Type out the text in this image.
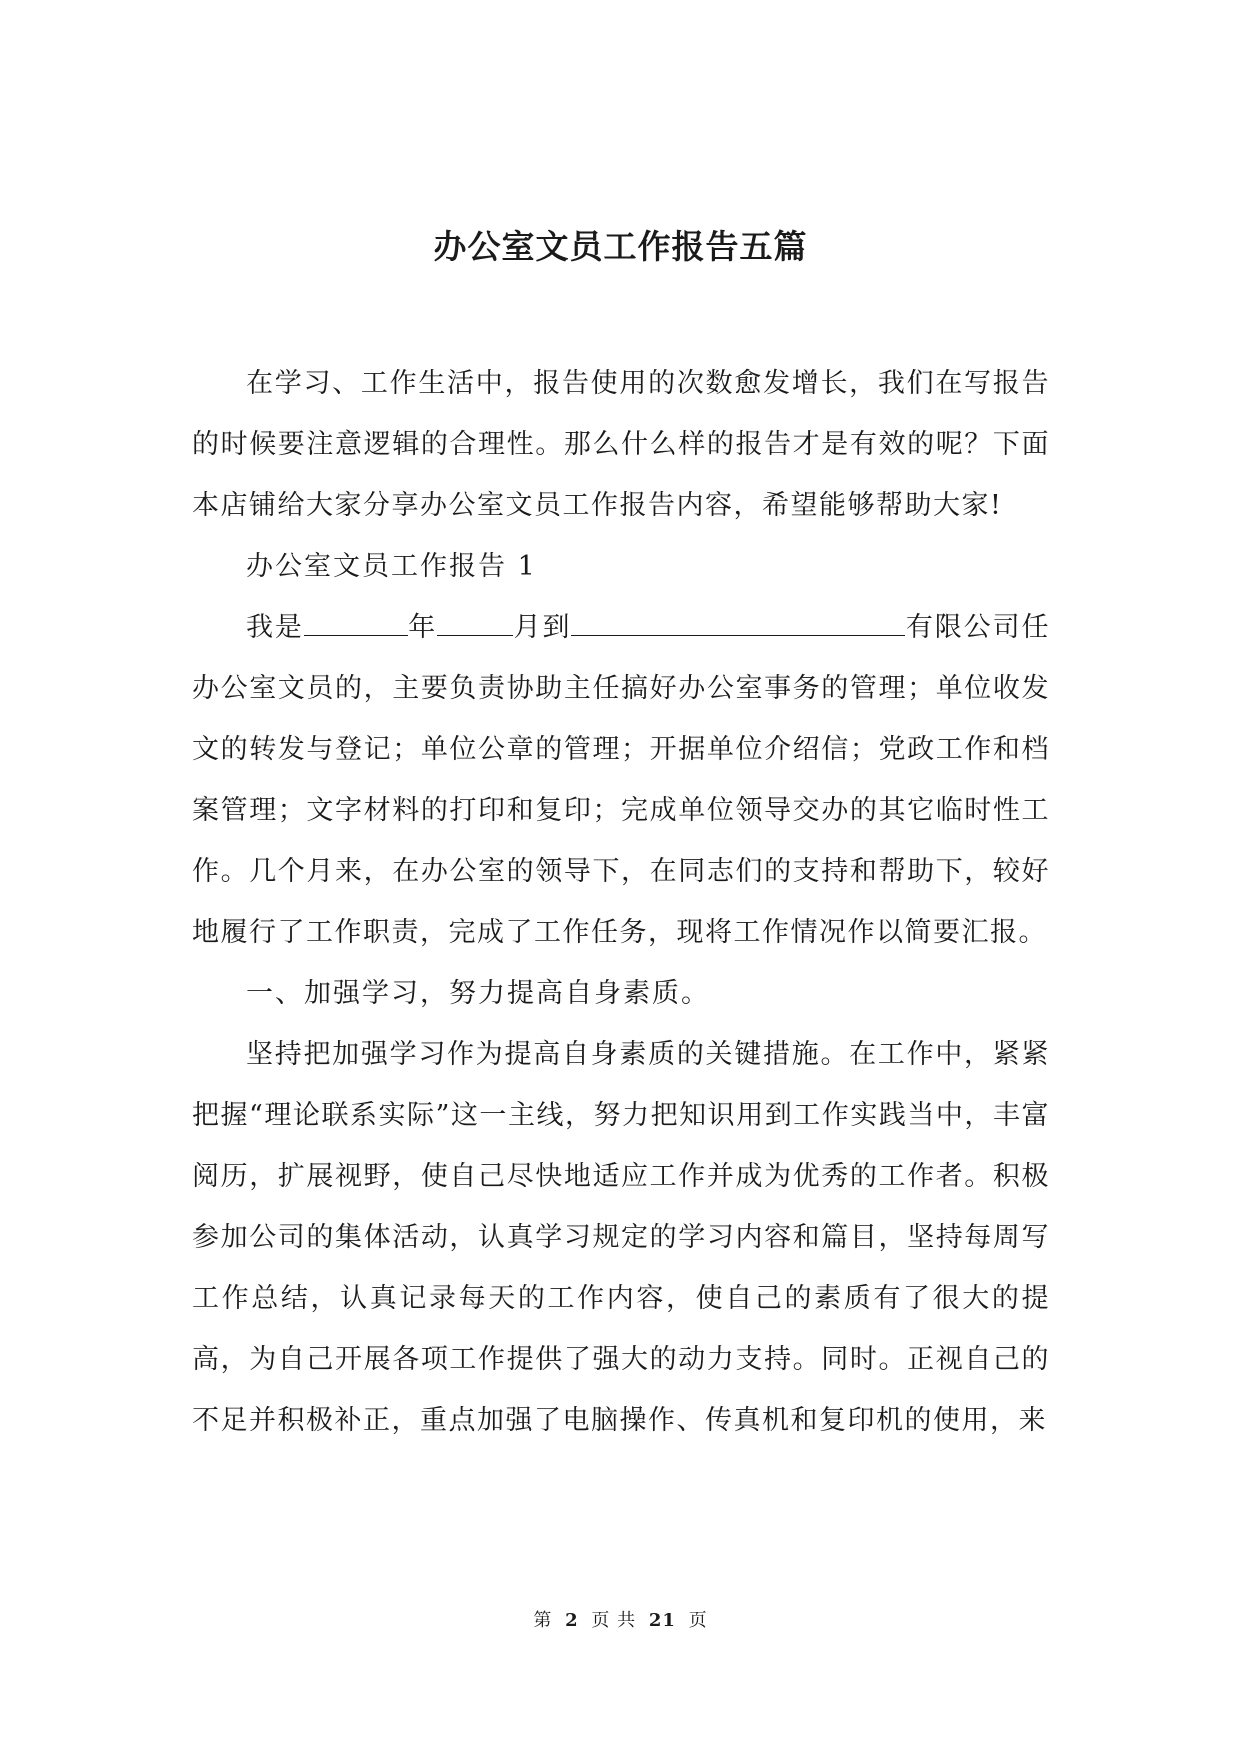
办公室文员工作报告五篇

在学习、工作生活中，报告使用的次数愈发增长，我们在写报告的时候要注意逻辑的合理性。那么什么样的报告才是有效的呢？下面本店铺给大家分享办公室文员工作报告内容，希望能够帮助大家!

办公室文员工作报告 1

我是	年	月到	有限公司任办公室文员的，主要负责协助主任搞好办公室事务的管理；单位收发文的转发与登记；单位公章的管理；开据单位介绍信；党政工作和档案管理；文字材料的打印和复印；完成单位领导交办的其它临时性工作。几个月来，在办公室的领导下，在同志们的支持和帮助下，较好地履行了工作职责，完成了工作任务，现将工作情况作以简要汇报。

一、加强学习，努力提高自身素质。

坚持把加强学习作为提高自身素质的关键措施。在工作中，紧紧把握“理论联系实际”这一主线，努力把知识用到工作实践当中，丰富阅历，扩展视野，使自己尽快地适应工作并成为优秀的工作者。积极参加公司的集体活动，认真学习规定的学习内容和篇目，坚持每周写工作总结，认真记录每天的工作内容，使自己的素质有了很大的提高，为自己开展各项工作提供了强大的动力支持。同时。正视自己的不足并积极补正，重点加强了电脑操作、传真机和复印机的使用，来

第 2 页 共 21 页
